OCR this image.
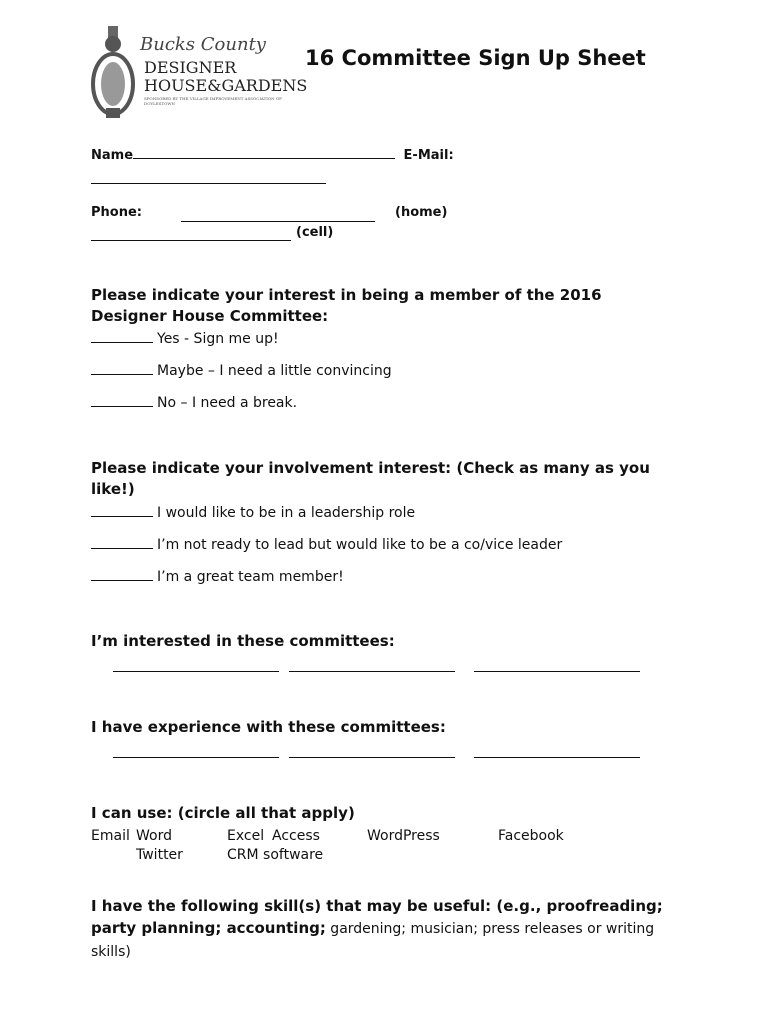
Bucks County
DESIGNER
HOUSE&GARDENS
SPONSORED BY THE VILLAGE IMPROVEMENT ASSOCIATION OF DOYLESTOWN
16 Committee Sign Up Sheet
Name	E-Mail:
Phone:	(home)
(cell)
Please indicate your interest in being a member of the 2016 Designer House Committee:
Yes - Sign me up!
Maybe – I need a little convincing
No – I need a break.
Please indicate your involvement interest: (Check as many as you like!)
I would like to be in a leadership role
I’m not ready to lead but would like to be a co/vice leader
I’m a great team member!
I’m interested in these committees:
I have experience with these committees:
I can use: (circle all that apply)
Email Word	Excel Access	WordPress	Facebook
Twitter	CRM software
I have the following skill(s) that may be useful: (e.g., proofreading; party planning; accounting; gardening; musician; press releases or writing skills)
